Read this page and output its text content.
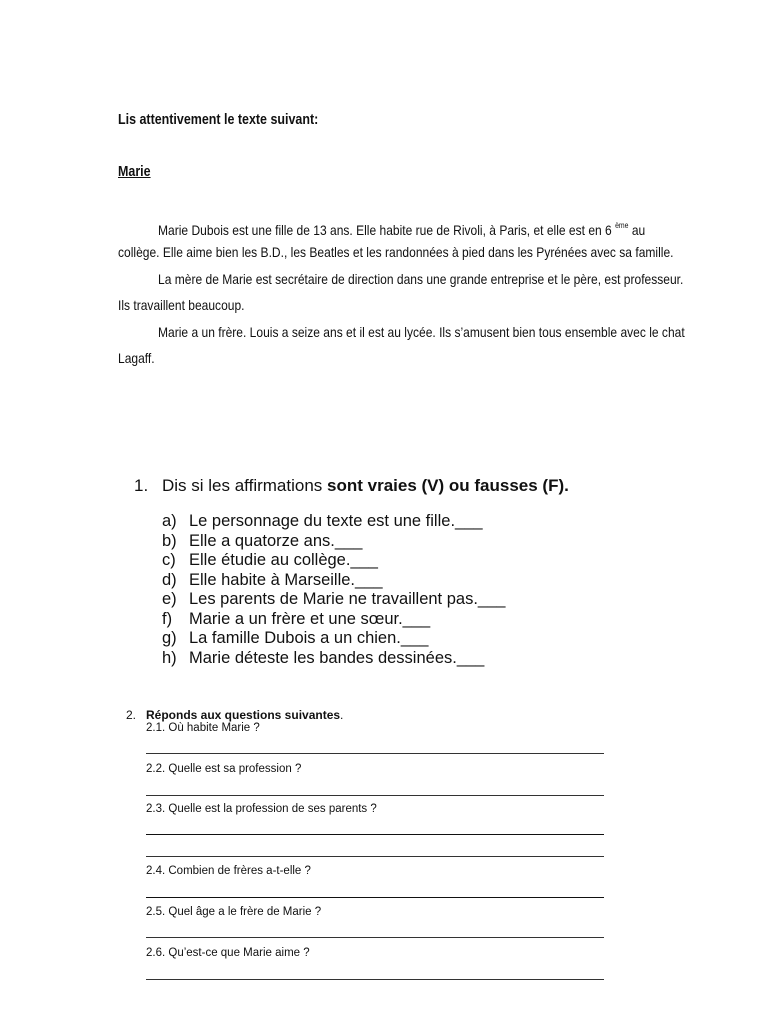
Lis attentivement le texte suivant:
Marie
Marie Dubois est une fille de 13 ans. Elle habite rue de Rivoli, à Paris, et elle est en 6 $^{ème}$ au
collège. Elle aime bien les B.D., les Beatles et les randonnées à pied dans les Pyrénées avec sa famille.
La mère de Marie est secrétaire de direction dans une grande entreprise et le père, est professeur.
Ils travaillent beaucoup.
Marie a un frère. Louis a seize ans et il est au lycée. Ils s’amusent bien tous ensemble avec le chat
Lagaff.
1. Dis si les affirmations sont vraies (V) ou fausses (F).
a) Le personnage du texte est une fille.___
b) Elle a quatorze ans.___
c) Elle étudie au collège.___
d) Elle habite à Marseille.___
e) Les parents de Marie ne travaillent pas.___
f) Marie a un frère et une sœur.___
g) La famille Dubois a un chien.___
h) Marie déteste les bandes dessinées.___
2. Réponds aux questions suivantes.
2.1. Où habite Marie ?
2.2. Quelle est sa profession ?
2.3. Quelle est la profession de ses parents ?
2.4. Combien de frères a-t-elle ?
2.5. Quel âge a le frère de Marie ?
2.6. Qu’est-ce que Marie aime ?
